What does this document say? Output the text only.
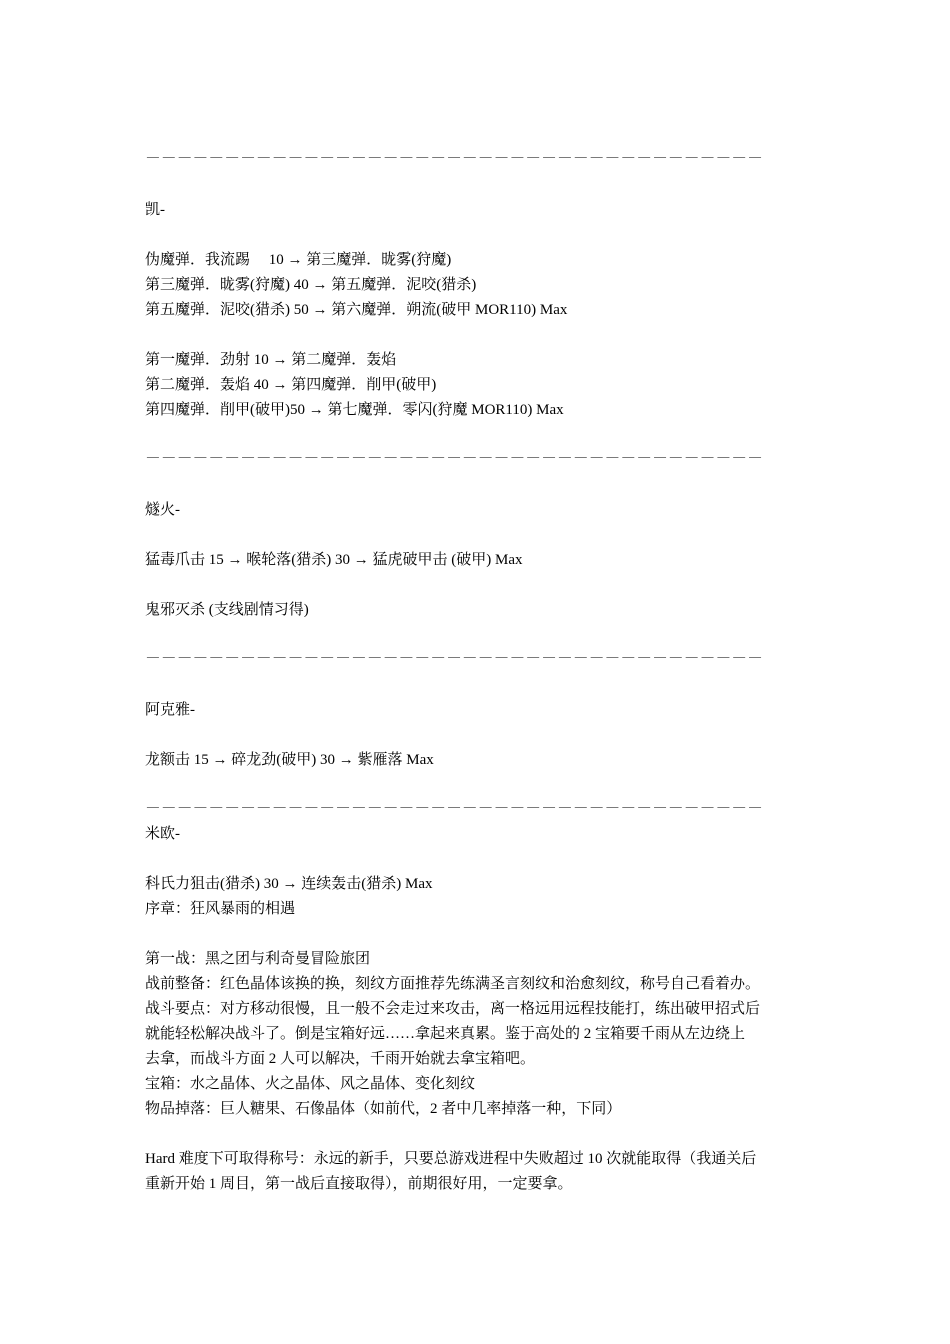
－－－－－－－－－－－－－－－－－－－－－－－－－－－－－－－－－－－－－－－
凯-
伪魔弹．我流踢　 10 → 第三魔弹．昽雾(狩魔)
第三魔弹．昽雾(狩魔) 40 → 第五魔弹．泥咬(猎杀)
第五魔弹．泥咬(猎杀) 50 → 第六魔弹．朔流(破甲 MOR110) Max
第一魔弹．劲射 10 → 第二魔弹．轰焰
第二魔弹．轰焰 40 → 第四魔弹．削甲(破甲)
第四魔弹．削甲(破甲)50 → 第七魔弹．零闪(狩魔 MOR110) Max
－－－－－－－－－－－－－－－－－－－－－－－－－－－－－－－－－－－－－－－
燧火-
猛毒爪击 15 → 喉轮落(猎杀) 30 → 猛虎破甲击 (破甲) Max
鬼邪灭杀 (支线剧情习得)
－－－－－－－－－－－－－－－－－－－－－－－－－－－－－－－－－－－－－－－
阿克雅-
龙额击 15 → 碎龙劲(破甲) 30 → 紫雁落 Max
－－－－－－－－－－－－－－－－－－－－－－－－－－－－－－－－－－－－－－－
米欧-
科氏力狙击(猎杀) 30 → 连续轰击(猎杀) Max
序章：狂风暴雨的相遇
第一战：黑之团与利奇曼冒险旅团
战前整备：红色晶体该换的换，刻纹方面推荐先练满圣言刻纹和治愈刻纹，称号自己看着办。
战斗要点：对方移动很慢，且一般不会走过来攻击，离一格远用远程技能打，练出破甲招式后
就能轻松解决战斗了。倒是宝箱好远……拿起来真累。鉴于高处的 2 宝箱要千雨从左边绕上
去拿，而战斗方面 2 人可以解决，千雨开始就去拿宝箱吧。
宝箱：水之晶体、火之晶体、风之晶体、变化刻纹
物品掉落：巨人糖果、石像晶体（如前代，2 者中几率掉落一种，下同）
Hard 难度下可取得称号：永远的新手，只要总游戏进程中失败超过 10 次就能取得（我通关后
重新开始 1 周目，第一战后直接取得），前期很好用，一定要拿。
